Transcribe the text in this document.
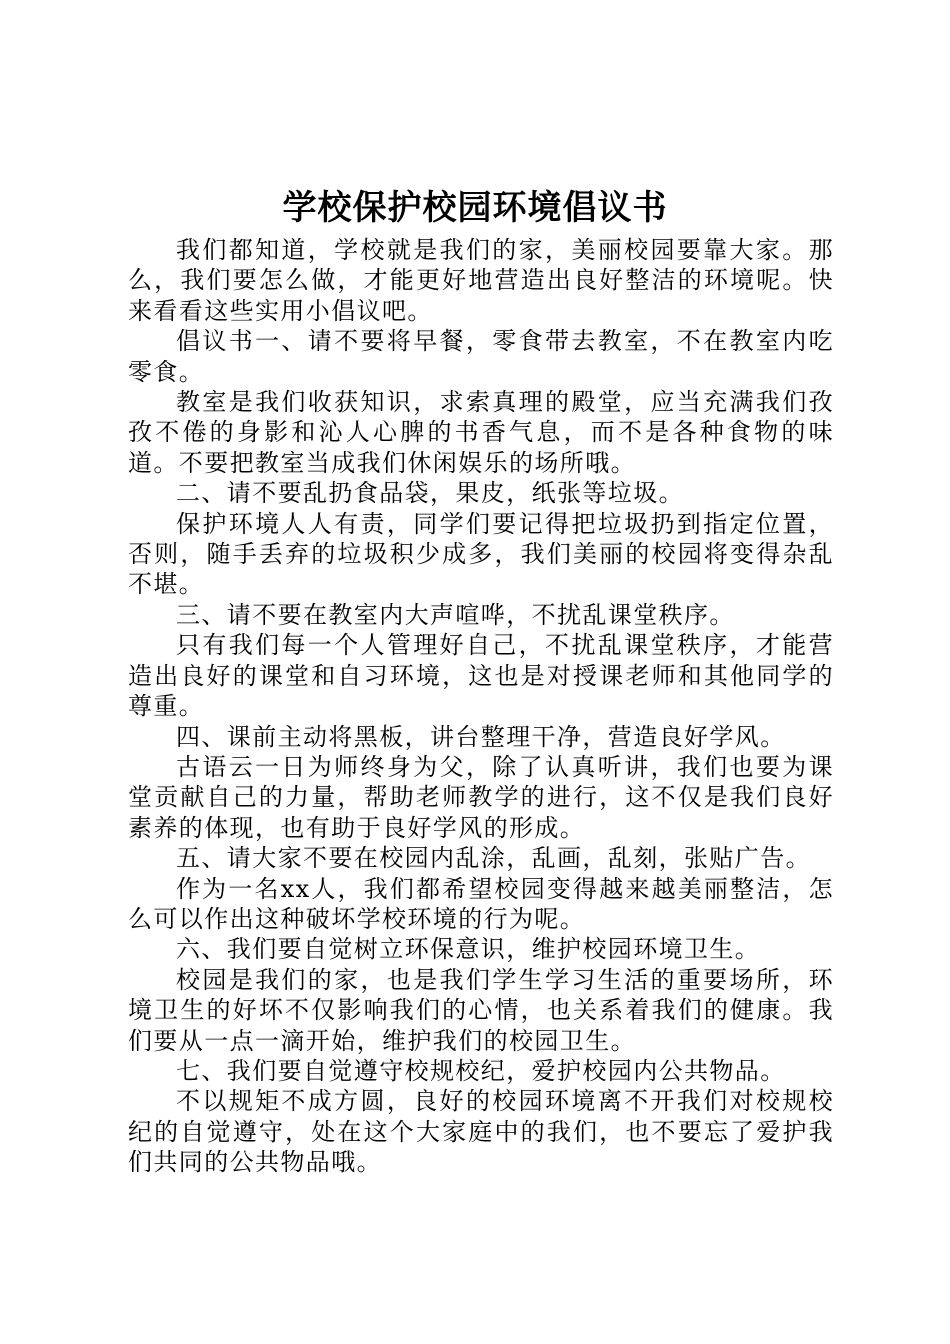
学校保护校园环境倡议书

我们都知道，学校就是我们的家，美丽校园要靠大家。那么，我们要怎么做，才能更好地营造出良好整洁的环境呢。快来看看这些实用小倡议吧。

倡议书一、请不要将早餐，零食带去教室，不在教室内吃零食。

教室是我们收获知识，求索真理的殿堂，应当充满我们孜孜不倦的身影和沁人心脾的书香气息，而不是各种食物的味道。不要把教室当成我们休闲娱乐的场所哦。

二、请不要乱扔食品袋，果皮，纸张等垃圾。

保护环境人人有责，同学们要记得把垃圾扔到指定位置，否则，随手丢弃的垃圾积少成多，我们美丽的校园将变得杂乱不堪。

三、请不要在教室内大声喧哗，不扰乱课堂秩序。

只有我们每一个人管理好自己，不扰乱课堂秩序，才能营造出良好的课堂和自习环境，这也是对授课老师和其他同学的尊重。

四、课前主动将黑板，讲台整理干净，营造良好学风。

古语云一日为师终身为父，除了认真听讲，我们也要为课堂贡献自己的力量，帮助老师教学的进行，这不仅是我们良好素养的体现，也有助于良好学风的形成。

五、请大家不要在校园内乱涂，乱画，乱刻，张贴广告。

作为一名xx人，我们都希望校园变得越来越美丽整洁，怎么可以作出这种破坏学校环境的行为呢。

六、我们要自觉树立环保意识，维护校园环境卫生。

校园是我们的家，也是我们学生学习生活的重要场所，环境卫生的好坏不仅影响我们的心情，也关系着我们的健康。我们要从一点一滴开始，维护我们的校园卫生。

七、我们要自觉遵守校规校纪，爱护校园内公共物品。

不以规矩不成方圆，良好的校园环境离不开我们对校规校纪的自觉遵守，处在这个大家庭中的我们，也不要忘了爱护我们共同的公共物品哦。
